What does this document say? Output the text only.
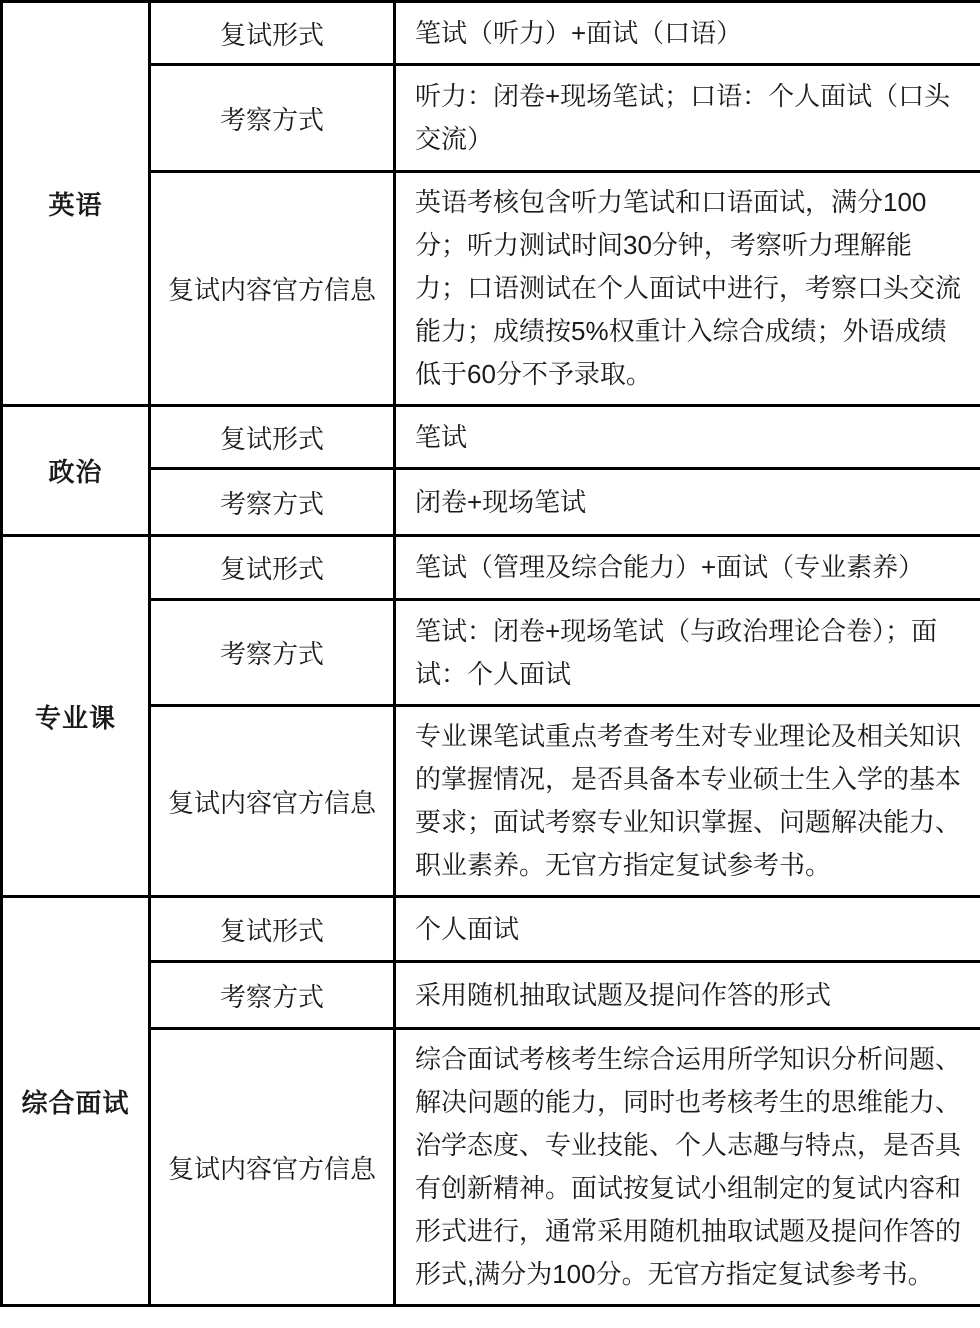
英语	复试形式	笔试（听力）+面试（口语）
	考察方式	听力：闭卷+现场笔试；口语：个人面试（口头交流）
	复试内容官方信息	英语考核包含听力笔试和口语面试，满分100分；听力测试时间30分钟，考察听力理解能力；口语测试在个人面试中进行，考察口头交流能力；成绩按5%权重计入综合成绩；外语成绩低于60分不予录取。
政治	复试形式	笔试
	考察方式	闭卷+现场笔试
专业课	复试形式	笔试（管理及综合能力）+面试（专业素养）
	考察方式	笔试：闭卷+现场笔试（与政治理论合卷）；面试：个人面试
	复试内容官方信息	专业课笔试重点考查考生对专业理论及相关知识的掌握情况，是否具备本专业硕士生入学的基本要求；面试考察专业知识掌握、问题解决能力、职业素养。无官方指定复试参考书。
综合面试	复试形式	个人面试
	考察方式	采用随机抽取试题及提问作答的形式
	复试内容官方信息	综合面试考核考生综合运用所学知识分析问题、解决问题的能力，同时也考核考生的思维能力、治学态度、专业技能、个人志趣与特点，是否具有创新精神。面试按复试小组制定的复试内容和形式进行，通常采用随机抽取试题及提问作答的形式,满分为100分。无官方指定复试参考书。
